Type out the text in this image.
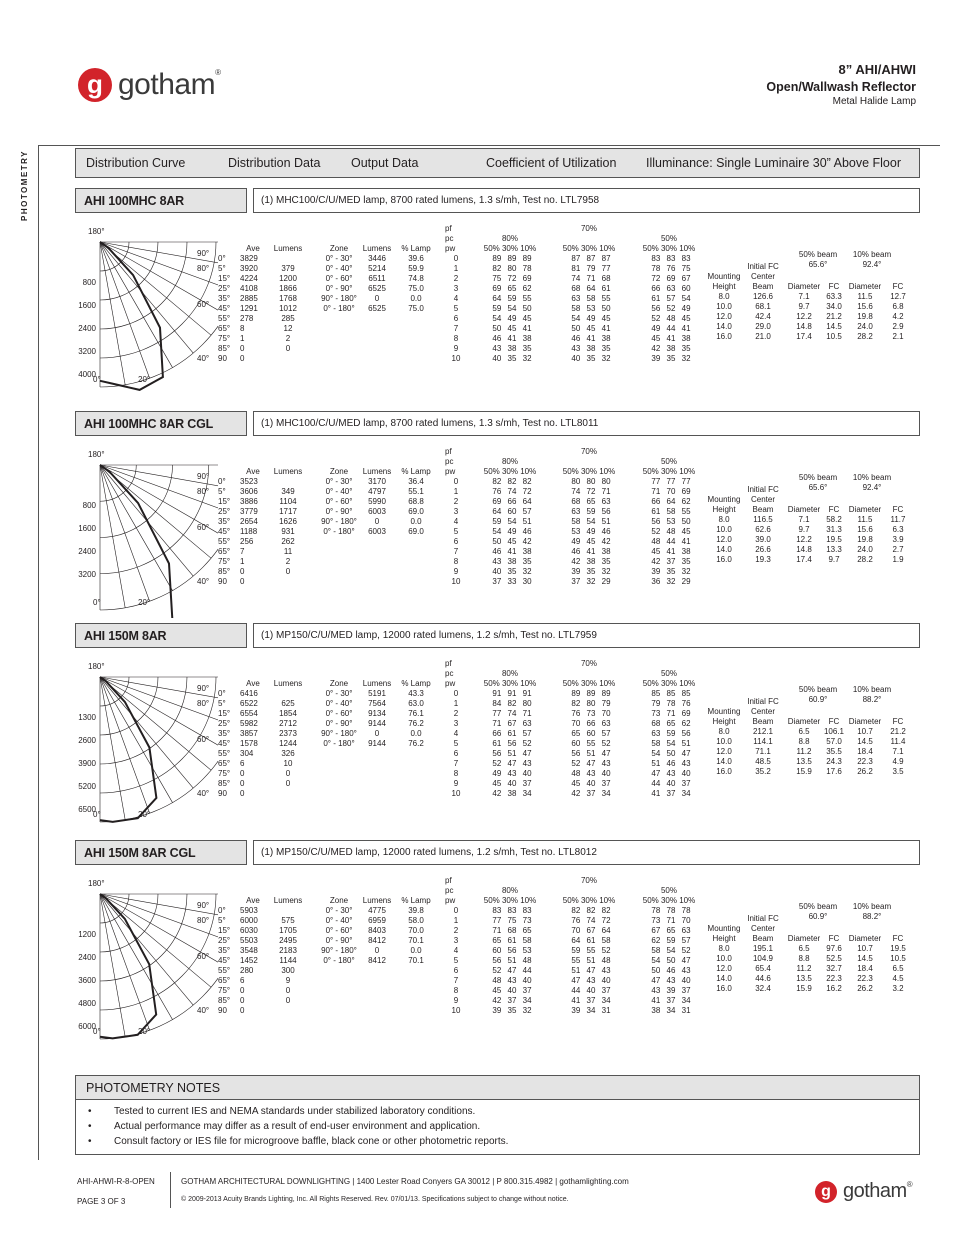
g gotham®	8” AHI/AHWI
Open/Wallwash Reflector
Metal Halide Lamp
PHOTOMETRY	Distribution Curve	Distribution Data	Output Data	Coefficient of Utilization	Illuminance: Single Luminaire 30” Above Floor
AHI 100MHC 8AR	(1) MHC100/C/U/MED lamp, 8700 rated lumens, 1.3 s/mh, Test no. LTL7958
180°
90°
80°
60°
40°
0°	20°
800
1600
2400
3200
4000
Ave	Lumens
0°	3829
5°	3920	379
15°	4224	1200
25°	4108	1866
35°	2885	1768
45°	1291	1012
55°	278	285
65°	8	12
75°	1	2
85°	0	0
90	0
Zone	Lumens	% Lamp
0° - 30°	3446	39.6
0° - 40°	5214	59.9
0° - 60°	6511	74.8
0° - 90°	6525	75.0
90° - 180°	0	0.0
0° - 180°	6525	75.0
pf
pc
pw
80%
50% 30% 10%
70%
50% 30% 10%
50%
50% 30% 10%
0	89 89 89	87 87 87	83 83 83
1	82 80 78	81 79 77	78 76 75
2	75 72 69	74 71 68	72 69 67
3	69 65 62	68 64 61	66 63 60
4	64 59 55	63 58 55	61 57 54
5	59 54 50	58 53 50	56 52 49
6	54 49 45	54 49 45	52 48 45
7	50 45 41	50 45 41	49 44 41
8	46 41 38	46 41 38	45 41 38
9	43 38 35	43 38 35	42 38 35
10	40 35 32	40 35 32	39 35 32
50% beam
65.6°
10% beam
92.4°
Initial FC
Center
Beam
Mounting
Height	Diameter	FC	Diameter	FC
8.0	126.6	7.1	63.3	11.5	12.7
10.0	68.1	9.7	34.0	15.6	6.8
12.0	42.4	12.2	21.2	19.8	4.2
14.0	29.0	14.8	14.5	24.0	2.9
16.0	21.0	17.4	10.5	28.2	2.1
AHI 100MHC 8AR CGL	(1) MHC100/C/U/MED lamp, 8700 rated lumens, 1.3 s/mh, Test no. LTL8011
180°
90°
80°
60°
40°
0°	20°
800
1600
2400
3200
Ave	Lumens
0°	3523
5°	3606	349
15°	3886	1104
25°	3779	1717
35°	2654	1626
45°	1188	931
55°	256	262
65°	7	11
75°	1	2
85°	0	0
90	0
Zone	Lumens	% Lamp
0° - 30°	3170	36.4
0° - 40°	4797	55.1
0° - 60°	5990	68.8
0° - 90°	6003	69.0
90° - 180°	0	0.0
0° - 180°	6003	69.0
pf
pc
pw
80%
50% 30% 10%
70%
50% 30% 10%
50%
50% 30% 10%
0	82 82 82	80 80 80	77 77 77
1	76 74 72	74 72 71	71 70 69
2	69 66 64	68 65 63	66 64 62
3	64 60 57	63 59 56	61 58 55
4	59 54 51	58 54 51	56 53 50
5	54 49 46	53 49 46	52 48 45
6	50 45 42	49 45 42	48 44 41
7	46 41 38	46 41 38	45 41 38
8	43 38 35	42 38 35	42 37 35
9	40 35 32	39 35 32	39 35 32
10	37 33 30	37 32 29	36 32 29
50% beam
65.6°
10% beam
92.4°
Initial FC
Center
Beam
Mounting
Height	Diameter	FC	Diameter	FC
8.0	116.5	7.1	58.2	11.5	11.7
10.0	62.6	9.7	31.3	15.6	6.3
12.0	39.0	12.2	19.5	19.8	3.9
14.0	26.6	14.8	13.3	24.0	2.7
16.0	19.3	17.4	9.7	28.2	1.9
AHI 150M 8AR	(1) MP150/C/U/MED lamp, 12000 rated lumens, 1.2 s/mh, Test no. LTL7959
180°
90°
80°
60°
40°
0°	20°
1300
2600
3900
5200
6500
Ave	Lumens
0°	6416
5°	6522	625
15°	6554	1854
25°	5982	2712
35°	3857	2373
45°	1578	1244
55°	304	326
65°	6	10
75°	0	0
85°	0	0
90	0
Zone	Lumens	% Lamp
0° - 30°	5191	43.3
0° - 40°	7564	63.0
0° - 60°	9134	76.1
0° - 90°	9144	76.2
90° - 180°	0	0.0
0° - 180°	9144	76.2
pf
pc
pw
80%
50% 30% 10%
70%
50% 30% 10%
50%
50% 30% 10%
0	91 91 91	89 89 89	85 85 85
1	84 82 80	82 80 79	79 78 76
2	77 74 71	76 73 70	73 71 69
3	71 67 63	70 66 63	68 65 62
4	66 61 57	65 60 57	63 59 56
5	61 56 52	60 55 52	58 54 51
6	56 51 47	56 51 47	54 50 47
7	52 47 43	52 47 43	51 46 43
8	49 43 40	48 43 40	47 43 40
9	45 40 37	45 40 37	44 40 37
10	42 38 34	42 37 34	41 37 34
50% beam
60.9°
10% beam
88.2°
Initial FC
Center
Beam
Mounting
Height	Diameter	FC	Diameter	FC
8.0	212.1	6.5	106.1	10.7	21.2
10.0	114.1	8.8	57.0	14.5	11.4
12.0	71.1	11.2	35.5	18.4	7.1
14.0	48.5	13.5	24.3	22.3	4.9
16.0	35.2	15.9	17.6	26.2	3.5
AHI 150M 8AR CGL	(1) MP150/C/U/MED lamp, 12000 rated lumens, 1.2 s/mh, Test no. LTL8012
180°
90°
80°
60°
40°
0°	20°
1200
2400
3600
4800
6000
Ave	Lumens
0°	5903
5°	6000	575
15°	6030	1705
25°	5503	2495
35°	3548	2183
45°	1452	1144
55°	280	300
65°	6	9
75°	0	0
85°	0	0
90	0
Zone	Lumens	% Lamp
0° - 30°	4775	39.8
0° - 40°	6959	58.0
0° - 60°	8403	70.0
0° - 90°	8412	70.1
90° - 180°	0	0.0
0° - 180°	8412	70.1
pf
pc
pw
80%
50% 30% 10%
70%
50% 30% 10%
50%
50% 30% 10%
0	83 83 83	82 82 82	78 78 78
1	77 75 73	76 74 72	73 71 70
2	71 68 65	70 67 64	67 65 63
3	65 61 58	64 61 58	62 59 57
4	60 56 53	59 55 52	58 54 52
5	56 51 48	55 51 48	54 50 47
6	52 47 44	51 47 43	50 46 43
7	48 43 40	47 43 40	47 43 40
8	45 40 37	44 40 37	43 39 37
9	42 37 34	41 37 34	41 37 34
10	39 35 32	39 34 31	38 34 31
50% beam
60.9°
10% beam
88.2°
Initial FC
Center
Beam
Mounting
Height	Diameter	FC	Diameter	FC
8.0	195.1	6.5	97.6	10.7	19.5
10.0	104.9	8.8	52.5	14.5	10.5
12.0	65.4	11.2	32.7	18.4	6.5
14.0	44.6	13.5	22.3	22.3	4.5
16.0	32.4	15.9	16.2	26.2	3.2
PHOTOMETRY NOTES
• Tested to current IES and NEMA standards under stabilized laboratory conditions.
• Actual performance may differ as a result of end-user environment and application.
• Consult factory or IES file for microgroove baffle, black cone or other photometric reports.
AHI-AHWI-R-8-OPEN
PAGE 3 OF 3
GOTHAM ARCHITECTURAL DOWNLIGHTING | 1400 Lester Road Conyers GA 30012 | P 800.315.4982 | gothamlighting.com
© 2009-2013 Acuity Brands Lighting, Inc. All Rights Reserved. Rev. 07/01/13. Specifications subject to change without notice.	g gotham®
